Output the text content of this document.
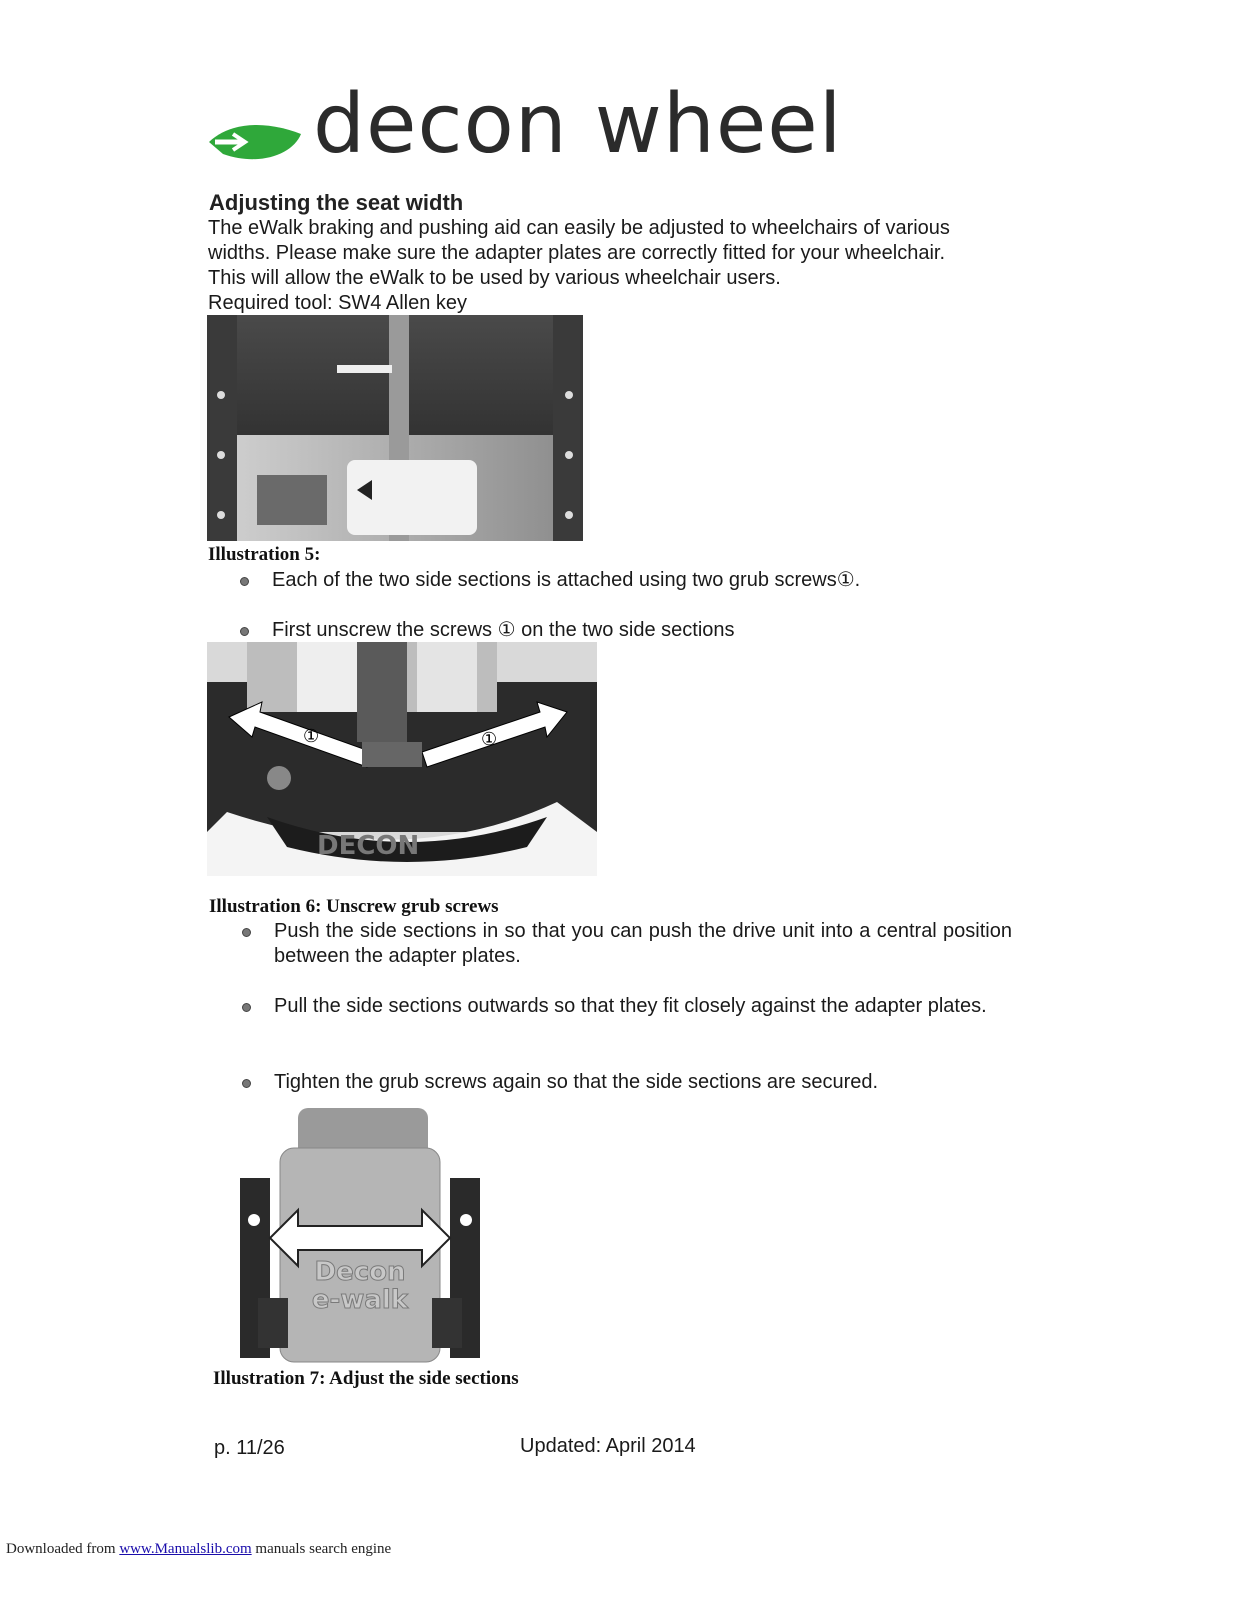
decon wheel
Adjusting the seat width

The eWalk braking and pushing aid can easily be adjusted to wheelchairs of various

widths. Please make sure the adapter plates are correctly fitted for your wheelchair.

This will allow the eWalk to be used by various wheelchair users.

Required tool: SW4 Allen key

Illustration 5:
Each of the two side sections is attached using two grub screws①.
First unscrew the screws ① on the two side sections
DECON
①	①
Illustration 6: Unscrew grub screws
Push the side sections in so that you can push the drive unit into a central position between the adapter plates.
Pull the side sections outwards so that they fit closely against the adapter plates.
Tighten the grub screws again so that the side sections are secured.
Decon
e-walk
Illustration 7: Adjust the side sections
p. 11/26	Updated: April 2014
Downloaded from www.Manualslib.com manuals search engine
